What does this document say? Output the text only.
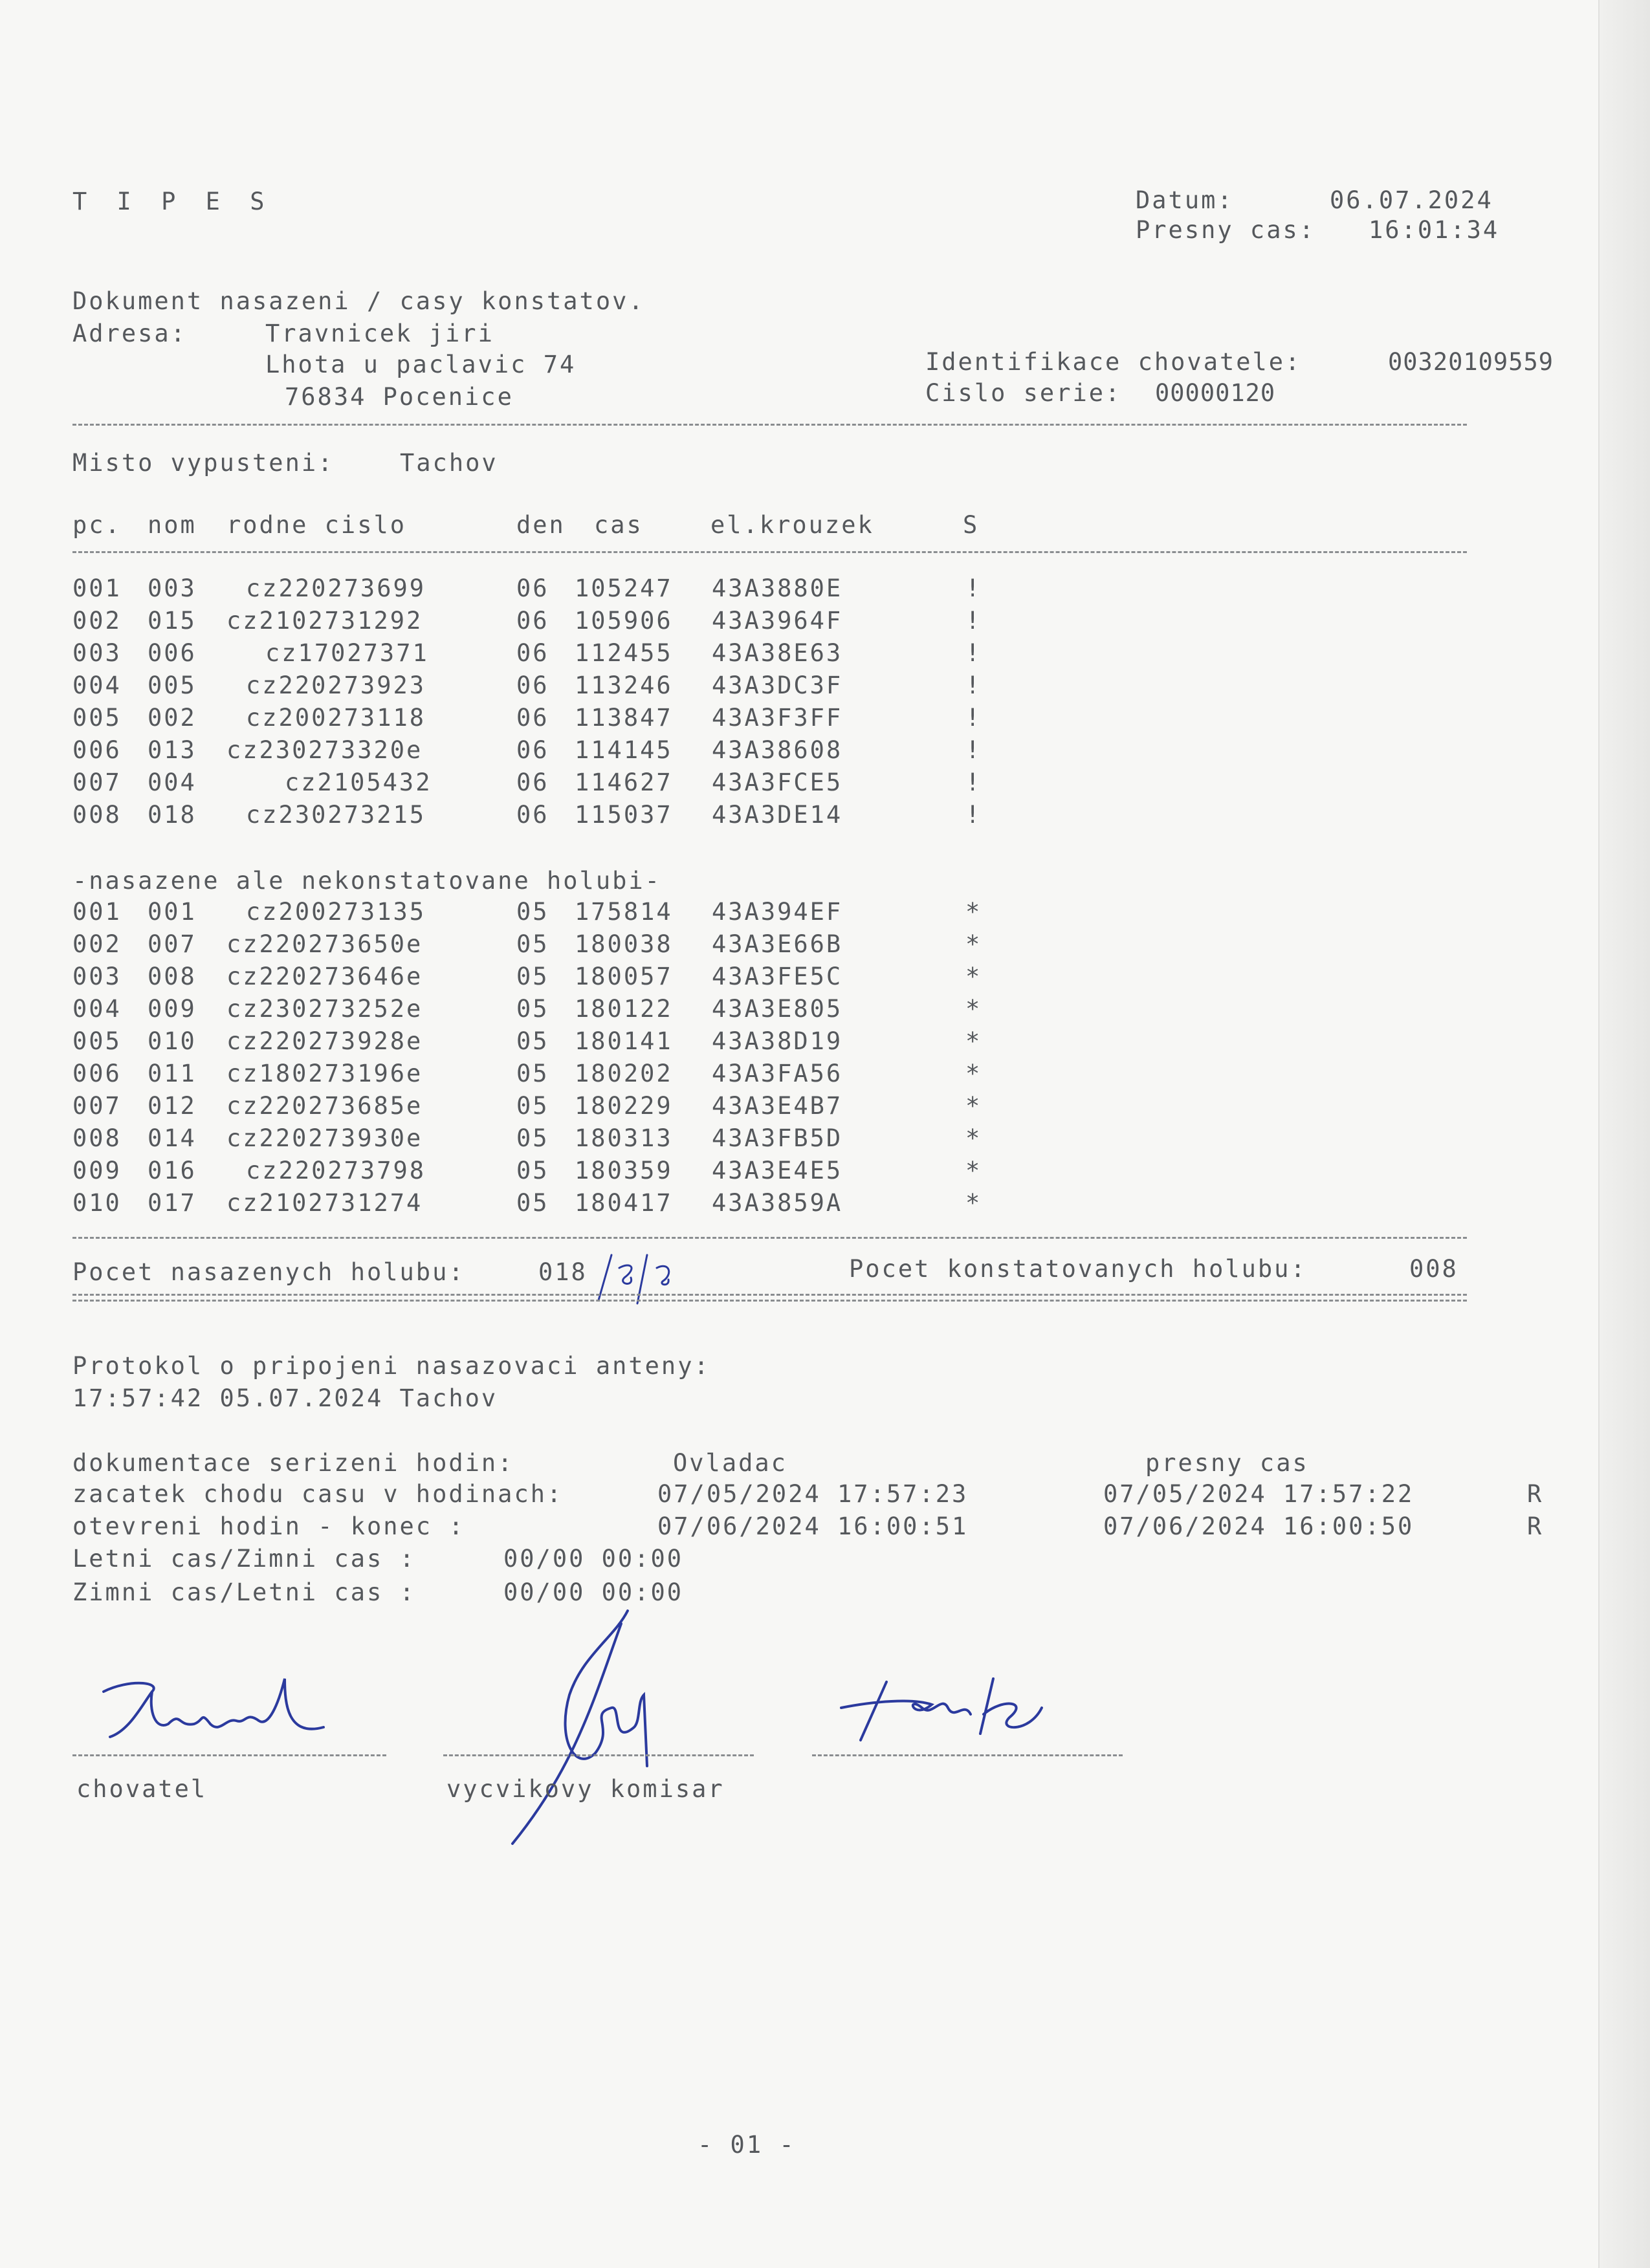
T I P E S	Datum:	06.07.2024
Presny cas: 16:01:34
Dokument nasazeni / casy konstatov.
Adresa:	Travnicek jiri
Lhota u paclavic 74
76834 Pocenice
Identifikace chovatele:	00320109559
Cislo serie: 00000120
Misto vypusteni:	Tachov
pc. nom rodne cislo	den cas	el.krouzek	S
001 003 cz220273699	06 105247 43A3880E	!
002 015 cz2102731292	06 105906 43A3964F	!
003 006	cz17027371	06 112455 43A38E63	!
004 005 cz220273923	06 113246 43A3DC3F	!
005 002 cz200273118	06 113847 43A3F3FF	!
006 013 cz230273320e	06 114145 43A38608	!
007 004	cz2105432	06 114627 43A3FCE5	!
008 018 cz230273215	06 115037 43A3DE14	!
-nasazene ale nekonstatovane holubi-
001 001 cz200273135	05 175814 43A394EF	*
002 007 cz220273650e	05 180038 43A3E66B	*
003 008 cz220273646e	05 180057 43A3FE5C	*
004 009 cz230273252e	05 180122 43A3E805	*
005 010 cz220273928e	05 180141 43A38D19	*
006 011 cz180273196e	05 180202 43A3FA56	*
007 012 cz220273685e	05 180229 43A3E4B7	*
008 014 cz220273930e	05 180313 43A3FB5D	*
009 016 cz220273798	05 180359 43A3E4E5	*
010 017 cz2102731274	05 180417 43A3859A	*
Pocet nasazenych holubu:	018	Pocet konstatovanych holubu:	008
Protokol o pripojeni nasazovaci anteny:
17:57:42 05.07.2024 Tachov
dokumentace serizeni hodin:	Ovladac	presny cas
zacatek chodu casu v hodinach:	07/05/2024 17:57:23	07/05/2024 17:57:22	R
otevreni hodin - konec :	07/06/2024 16:00:51	07/06/2024 16:00:50	R
Letni cas/Zimni cas :	00/00 00:00
Zimni cas/Letni cas :	00/00 00:00
chovatel	vycvikovy komisar
- 01 -
